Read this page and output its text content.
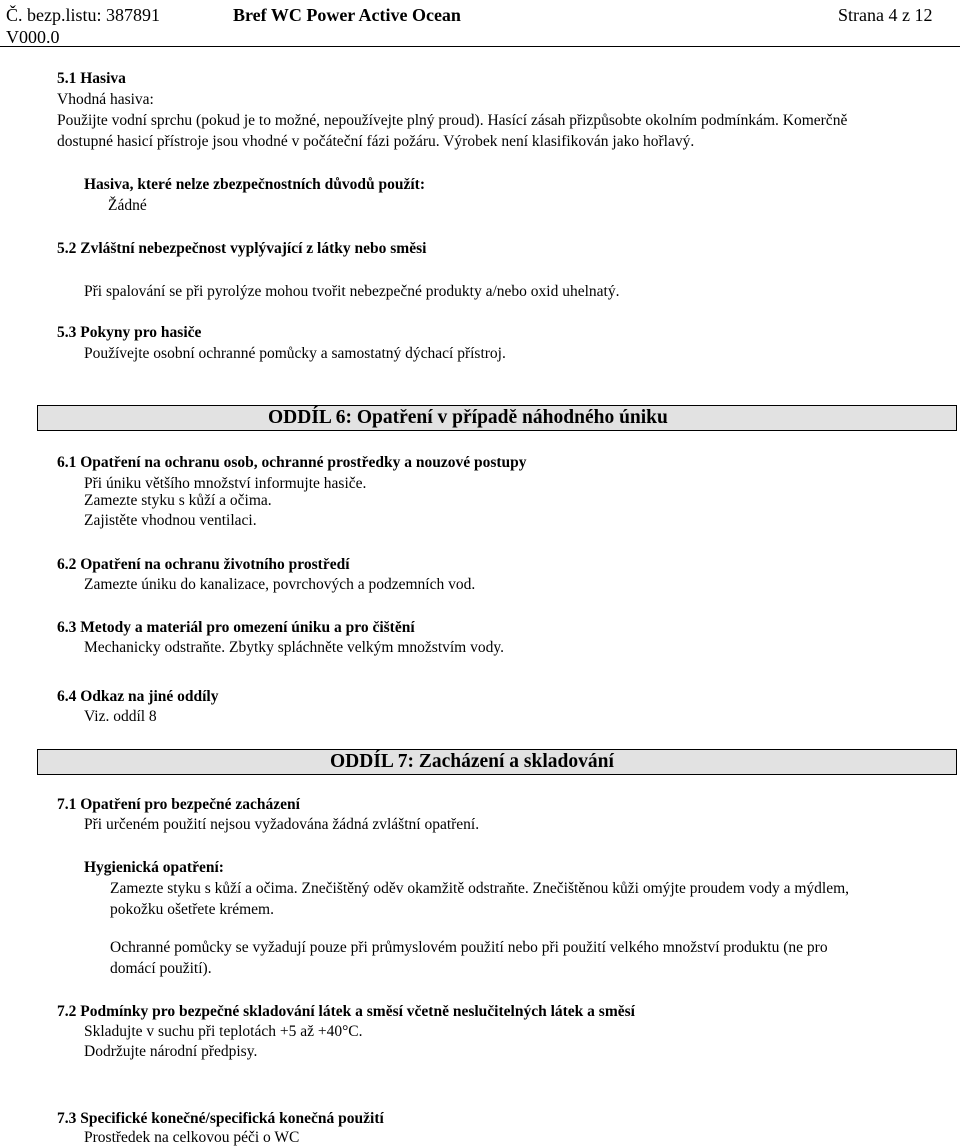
Č. bezp.listu: 387891
V000.0
Bref WC Power Active Ocean	Strana 4 z 12
5.1 Hasiva
Vhodná hasiva:
Použijte vodní sprchu (pokud je to možné, nepoužívejte plný proud). Hasící zásah přizpůsobte okolním podmínkám. Komerčně
dostupné hasicí přístroje jsou vhodné v počáteční fázi požáru. Výrobek není klasifikován jako hořlavý.
Hasiva, které nelze zbezpečnostních důvodů použít:
Žádné
5.2 Zvláštní nebezpečnost vyplývající z látky nebo směsi
Při spalování se při pyrolýze mohou tvořit nebezpečné produkty a/nebo oxid uhelnatý.
5.3 Pokyny pro hasiče
Používejte osobní ochranné pomůcky a samostatný dýchací přístroj.
ODDÍL 6: Opatření v případě náhodného úniku
6.1 Opatření na ochranu osob, ochranné prostředky a nouzové postupy
Při úniku většího množství informujte hasiče.
Zamezte styku s kůží a očima.
Zajistěte vhodnou ventilaci.
6.2 Opatření na ochranu životního prostředí
Zamezte úniku do kanalizace, povrchových a podzemních vod.
6.3 Metody a materiál pro omezení úniku a pro čištění
Mechanicky odstraňte. Zbytky spláchněte velkým množstvím vody.
6.4 Odkaz na jiné oddíly
Viz. oddíl 8
ODDÍL 7: Zacházení a skladování
7.1 Opatření pro bezpečné zacházení
Při určeném použití nejsou vyžadována žádná zvláštní opatření.
Hygienická opatření:
Zamezte styku s kůží a očima. Znečištěný oděv okamžitě odstraňte. Znečištěnou kůži omýjte proudem vody a mýdlem,
pokožku ošetřete krémem.
Ochranné pomůcky se vyžadují pouze při průmyslovém použití nebo při použití velkého množství produktu (ne pro
domácí použití).
7.2 Podmínky pro bezpečné skladování látek a směsí včetně neslučitelných látek a směsí
Skladujte v suchu při teplotách +5 až +40°C.
Dodržujte národní předpisy.
7.3 Specifické konečné/specifická konečná použití
Prostředek na celkovou péči o WC
